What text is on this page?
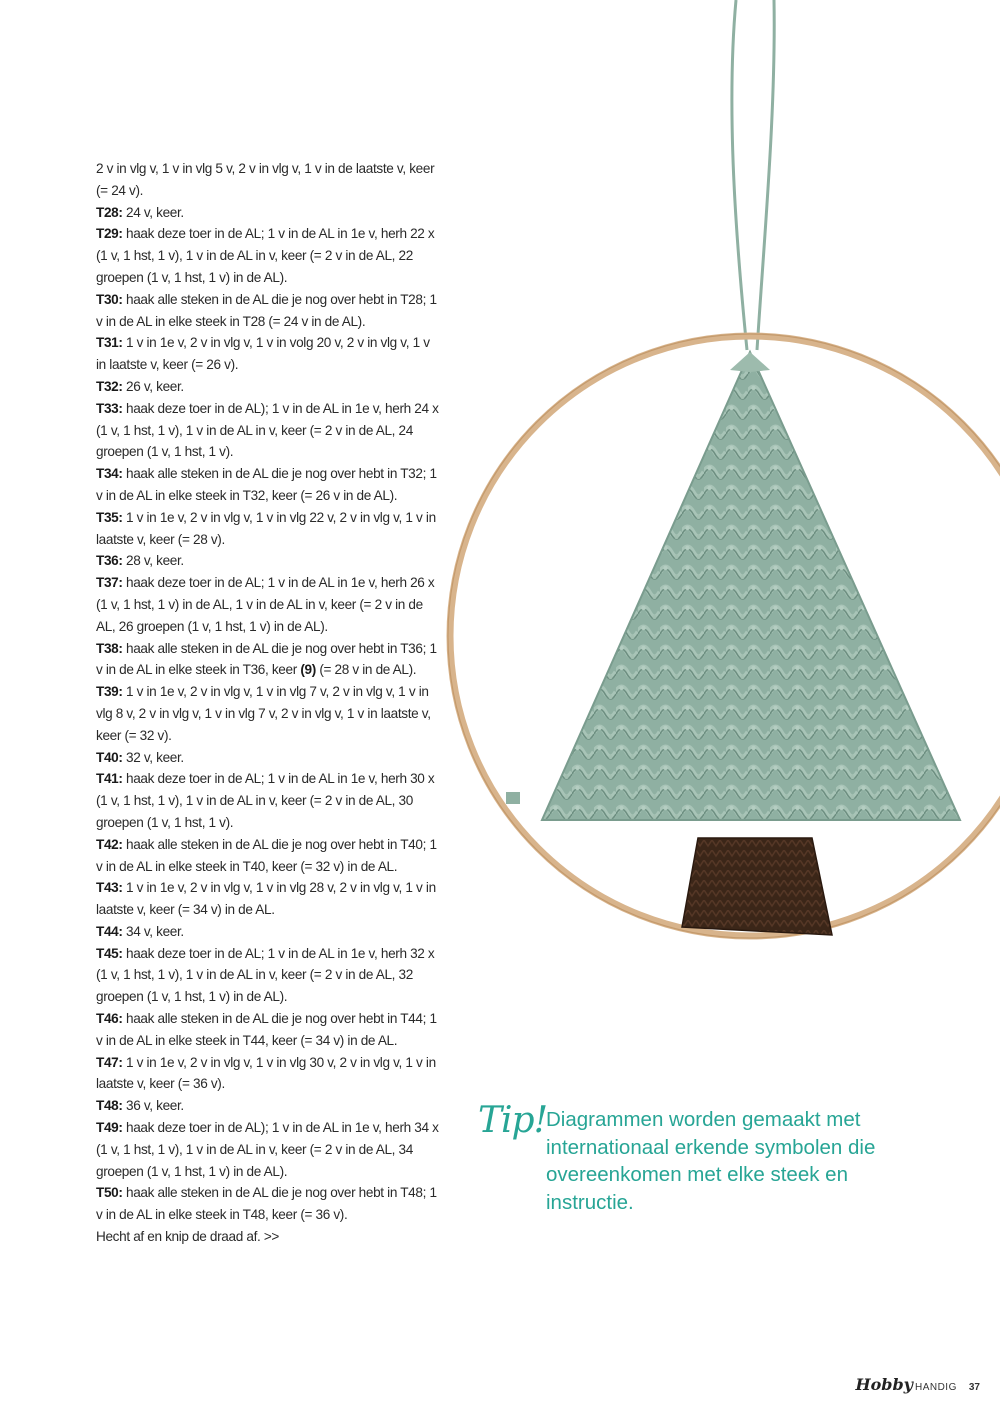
2 v in vlg v, 1 v in vlg 5 v, 2 v in vlg v, 1 v in de laatste v, keer (= 24 v).

T28: 24 v, keer.

T29: haak deze toer in de AL; 1 v in de AL in 1e v, herh 22 x (1 v, 1 hst, 1 v), 1 v in de AL in v, keer (= 2 v in de AL, 22 groepen (1 v, 1 hst, 1 v) in de AL).

T30: haak alle steken in de AL die je nog over hebt in T28; 1 v in de AL in elke steek in T28 (= 24 v in de AL).

T31: 1 v in 1e v, 2 v in vlg v, 1 v in volg 20 v, 2 v in vlg v, 1 v in laatste v, keer (= 26 v).

T32: 26 v, keer.

T33: haak deze toer in de AL); 1 v in de AL in 1e v, herh 24 x (1 v, 1 hst, 1 v), 1 v in de AL in v, keer (= 2 v in de AL, 24 groepen (1 v, 1 hst, 1 v).

T34: haak alle steken in de AL die je nog over hebt in T32; 1 v in de AL in elke steek in T32, keer (= 26 v in de AL).

T35: 1 v in 1e v, 2 v in vlg v, 1 v in vlg 22 v, 2 v in vlg v, 1 v in laatste v, keer (= 28 v).

T36: 28 v, keer.

T37: haak deze toer in de AL; 1 v in de AL in 1e v, herh 26 x (1 v, 1 hst, 1 v) in de AL, 1 v in de AL in v, keer (= 2 v in de AL, 26 groepen (1 v, 1 hst, 1 v) in de AL).

T38: haak alle steken in de AL die je nog over hebt in T36; 1 v in de AL in elke steek in T36, keer (9) (= 28 v in de AL).

T39: 1 v in 1e v, 2 v in vlg v, 1 v in vlg 7 v, 2 v in vlg v, 1 v in vlg 8 v, 2 v in vlg v, 1 v in vlg 7 v, 2 v in vlg v, 1 v in laatste v, keer (= 32 v).

T40: 32 v, keer.

T41: haak deze toer in de AL; 1 v in de AL in 1e v, herh 30 x (1 v, 1 hst, 1 v), 1 v in de AL in v, keer (= 2 v in de AL, 30 groepen (1 v, 1 hst, 1 v).

T42: haak alle steken in de AL die je nog over hebt in T40; 1 v in de AL in elke steek in T40, keer (= 32 v) in de AL.

T43: 1 v in 1e v, 2 v in vlg v, 1 v in vlg 28 v, 2 v in vlg v, 1 v in laatste v, keer (= 34 v) in de AL.

T44: 34 v, keer.

T45: haak deze toer in de AL; 1 v in de AL in 1e v, herh 32 x (1 v, 1 hst, 1 v), 1 v in de AL in v, keer (= 2 v in de AL, 32 groepen (1 v, 1 hst, 1 v) in de AL).

T46: haak alle steken in de AL die je nog over hebt in T44; 1 v in de AL in elke steek in T44, keer (= 34 v) in de AL.

T47: 1 v in 1e v, 2 v in vlg v, 1 v in vlg 30 v, 2 v in vlg v, 1 v in laatste v, keer (= 36 v).

T48: 36 v, keer.

T49: haak deze toer in de AL); 1 v in de AL in 1e v, herh 34 x (1 v, 1 hst, 1 v), 1 v in de AL in v, keer (= 2 v in de AL, 34 groepen (1 v, 1 hst, 1 v) in de AL).

T50: haak alle steken in de AL die je nog over hebt in T48; 1 v in de AL in elke steek in T48, keer (= 36 v).

Hecht af en knip de draad af. >>

Tip!
Diagrammen worden gemaakt met internationaal erkende symbolen die overeenkomen met elke steek en instructie.
Hobby HANDIG 37
